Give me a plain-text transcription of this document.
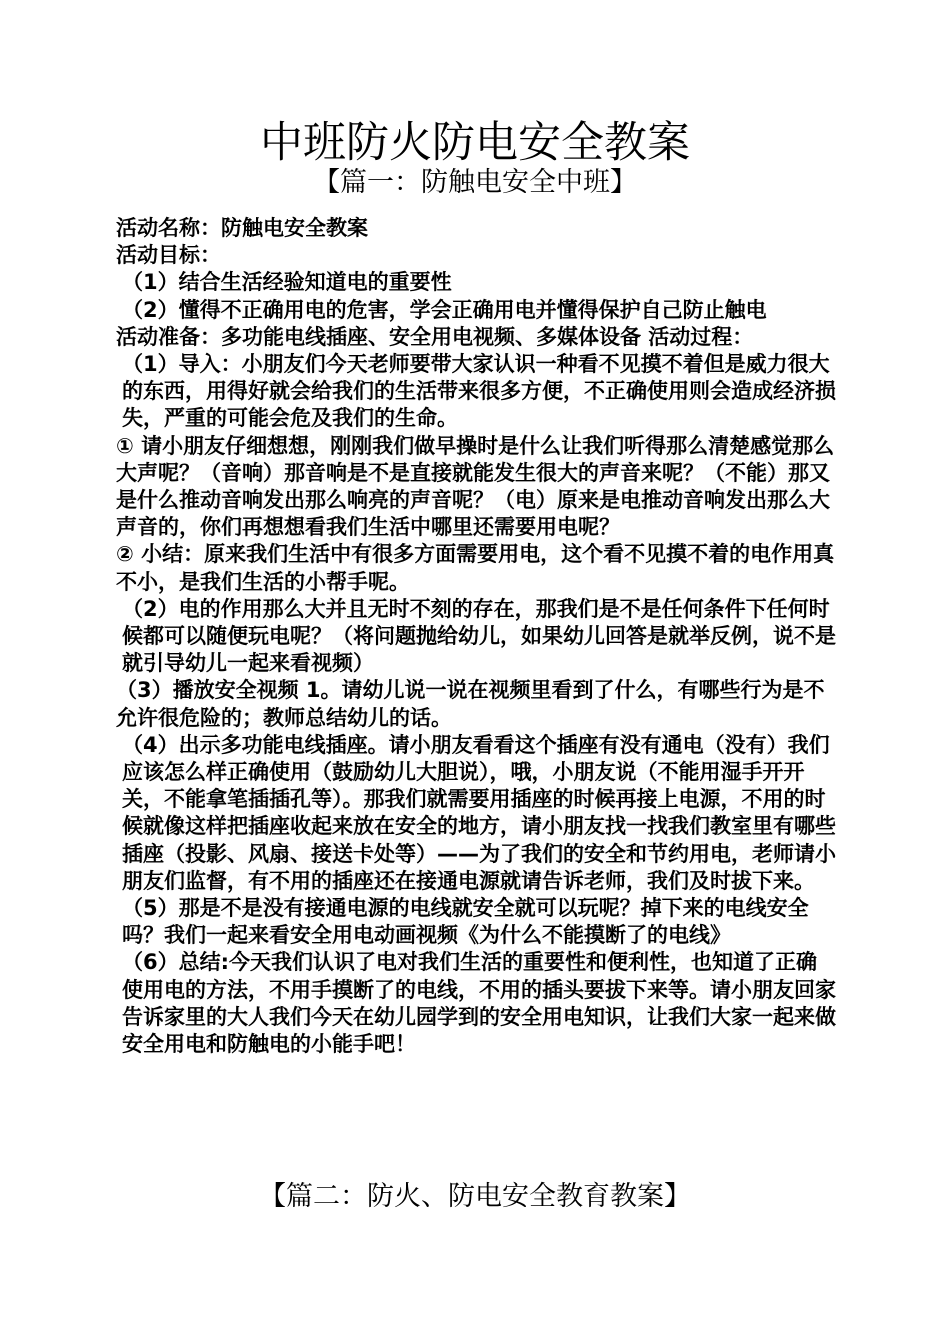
中班防火防电安全教案
【篇一：防触电安全中班】

活动名称：防触电安全教案

活动目标：

（1）结合生活经验知道电的重要性

（2）懂得不正确用电的危害，学会正确用电并懂得保护自己防止触电

活动准备：多功能电线插座、安全用电视频、多媒体设备 活动过程：

（1）导入：小朋友们今天老师要带大家认识一种看不见摸不着但是威力很大的东西，用得好就会给我们的生活带来很多方便，不正确使用则会造成经济损失，严重的可能会危及我们的生命。

① 请小朋友仔细想想，刚刚我们做早操时是什么让我们听得那么清楚感觉那么大声呢？（音响）那音响是不是直接就能发生很大的声音来呢？（不能）那又是什么推动音响发出那么响亮的声音呢？（电）原来是电推动音响发出那么大声音的，你们再想想看我们生活中哪里还需要用电呢？

② 小结：原来我们生活中有很多方面需要用电，这个看不见摸不着的电作用真不小，是我们生活的小帮手呢。

（2）电的作用那么大并且无时不刻的存在，那我们是不是任何条件下任何时候都可以随便玩电呢？（将问题抛给幼儿，如果幼儿回答是就举反例，说不是就引导幼儿一起来看视频）

（3）播放安全视频 1。请幼儿说一说在视频里看到了什么，有哪些行为是不允许很危险的；教师总结幼儿的话。

（4）出示多功能电线插座。请小朋友看看这个插座有没有通电（没有）我们应该怎么样正确使用（鼓励幼儿大胆说），哦，小朋友说（不能用湿手开开关，不能拿笔插插孔等）。那我们就需要用插座的时候再接上电源，不用的时候就像这样把插座收起来放在安全的地方，请小朋友找一找我们教室里有哪些插座（投影、风扇、接送卡处等）——为了我们的安全和节约用电，老师请小朋友们监督，有不用的插座还在接通电源就请告诉老师，我们及时拔下来。

（5）那是不是没有接通电源的电线就安全就可以玩呢？掉下来的电线安全吗？我们一起来看安全用电动画视频《为什么不能摸断了的电线》

（6）总结:今天我们认识了电对我们生活的重要性和便利性，也知道了正确使用电的方法，不用手摸断了的电线，不用的插头要拔下来等。请小朋友回家告诉家里的大人我们今天在幼儿园学到的安全用电知识，让我们大家一起来做安全用电和防触电的小能手吧！

【篇二：防火、防电安全教育教案】
